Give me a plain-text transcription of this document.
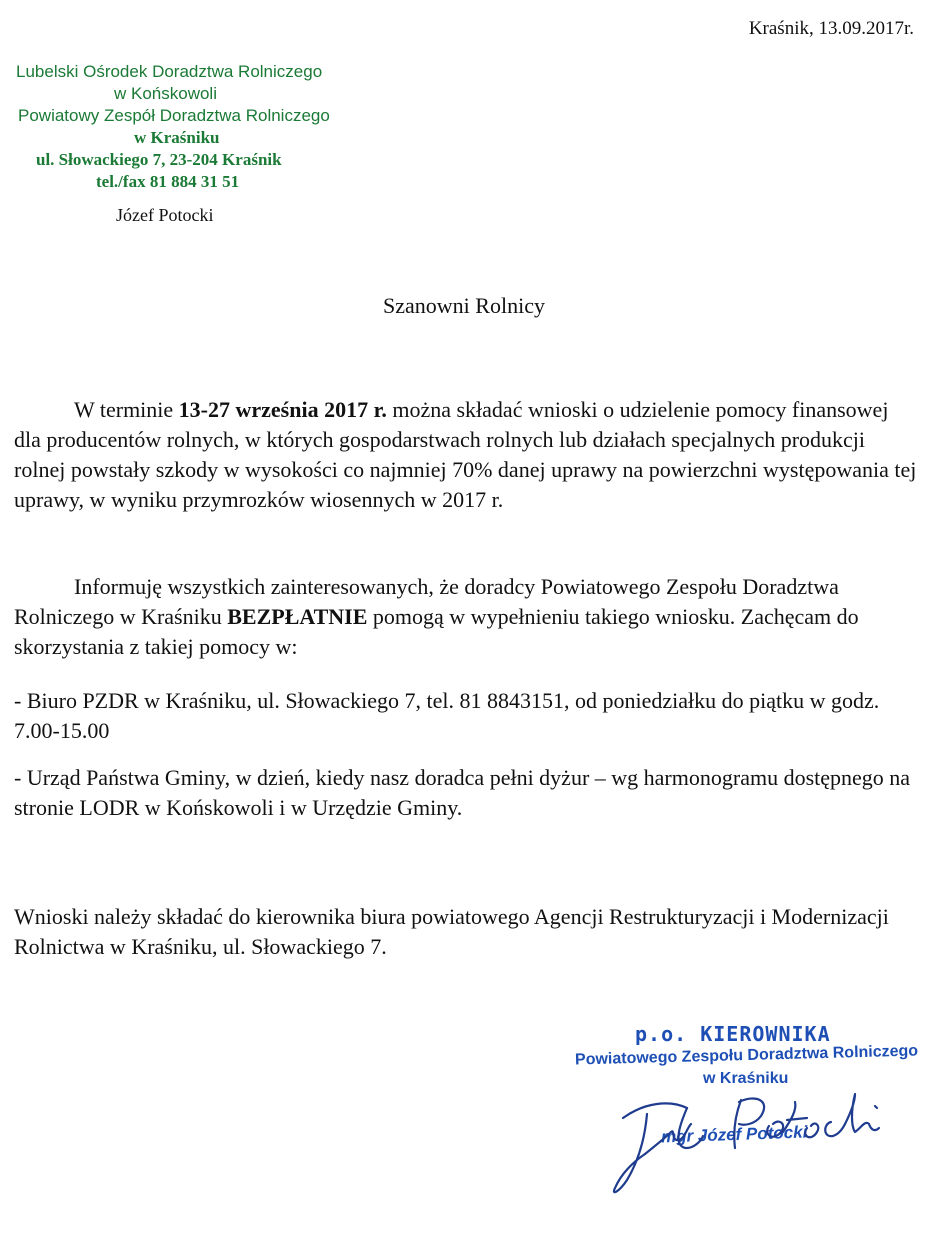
Kraśnik, 13.09.2017r.
Lubelski Ośrodek Doradztwa Rolniczego
w Końskowoli
Powiatowy Zespół Doradztwa Rolniczego
w Kraśniku
ul. Słowackiego 7, 23-204 Kraśnik
tel./fax 81 884 31 51
Józef Potocki
Szanowni Rolnicy

W terminie 13-27 września 2017 r. można składać wnioski o udzielenie pomocy finansowej dla producentów rolnych, w których gospodarstwach rolnych lub działach specjalnych produkcji rolnej powstały szkody w wysokości co najmniej 70% danej uprawy na powierzchni występowania tej uprawy, w wyniku przymrozków wiosennych w 2017 r.

Informuję wszystkich zainteresowanych, że doradcy Powiatowego Zespołu Doradztwa Rolniczego w Kraśniku BEZPŁATNIE pomogą w wypełnieniu takiego wniosku. Zachęcam do skorzystania z takiej pomocy w:

- Biuro PZDR w Kraśniku, ul. Słowackiego 7, tel. 81 8843151, od poniedziałku do piątku w godz. 7.00-15.00

- Urząd Państwa Gminy, w dzień, kiedy nasz doradca pełni dyżur – wg harmonogramu dostępnego na stronie LODR w Końskowoli i w Urzędzie Gminy.

Wnioski należy składać do kierownika biura powiatowego Agencji Restrukturyzacji i Modernizacji Rolnictwa w Kraśniku, ul. Słowackiego 7.

p.o. KIEROWNIKA
Powiatowego Zespołu Doradztwa Rolniczego
w Kraśniku
mgr Józef Potocki
